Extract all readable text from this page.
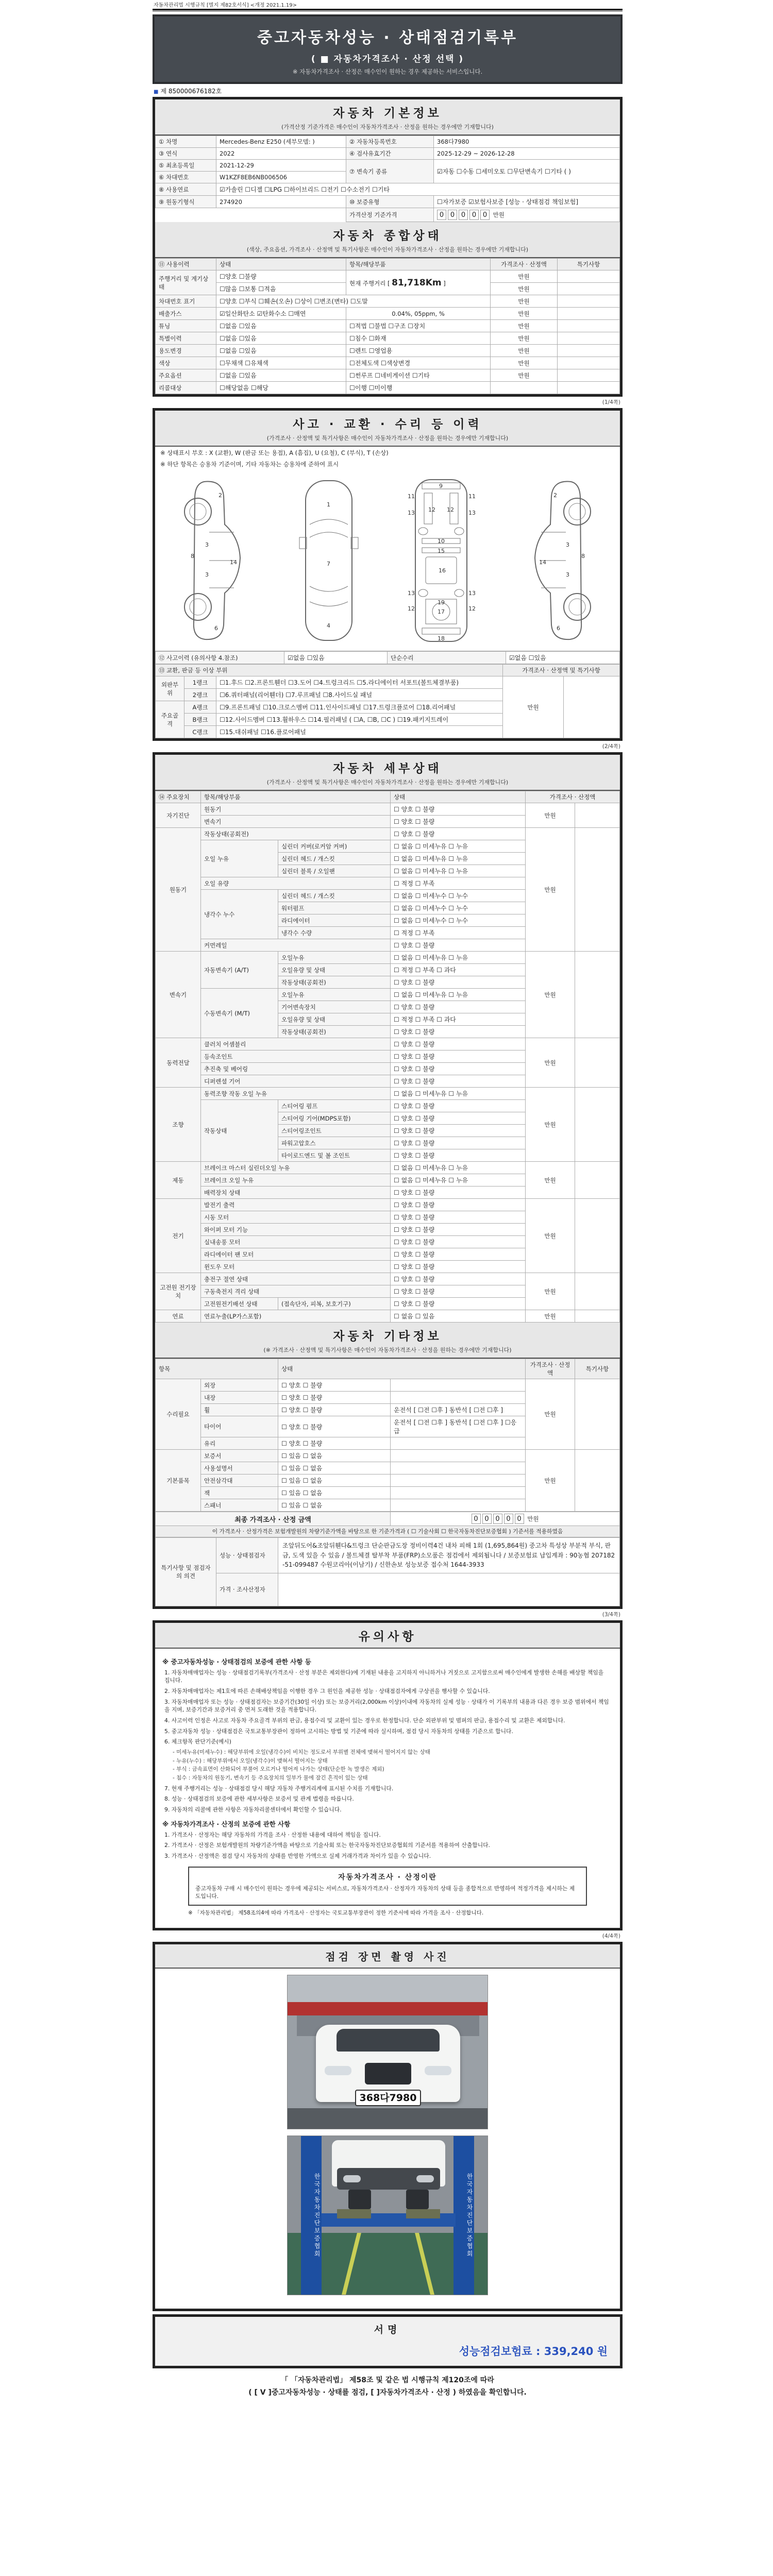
자동차관리법 시행규칙 [별지 제82호서식] <개정 2021.1.19>
중고자동차성능 · 상태점검기록부
( ■ 자동차가격조사 · 산정 선택 )
※ 자동차가격조사 · 산정은 매수인이 원하는 경우 제공하는 서비스입니다.
■ 제 850000676182호
자동차 기본정보
(가격산정 기준가격은 매수인이 자동차가격조사 · 산정을 원하는 경우에만 기재합니다)
① 차명	Mercedes-Benz E250 (세부모델: )	② 자동차등록번호	368다7980
③ 연식	2022	④ 검사유효기간	2025-12-29 ~ 2026-12-28
⑤ 최초등록일	2021-12-29	⑦ 변속기 종류	☑자동 ☐수동 ☐세미오토 ☐무단변속기 ☐기타 ( )
⑥ 차대번호	W1KZF8EB6NB006506		
⑧ 사용연료	☑가솔린 ☐디젤 ☐LPG ☐하이브리드 ☐전기 ☐수소전기 ☐기타		
⑨ 원동기형식	274920	⑩ 보증유형	☐자가보증 ☑보험사보증 [성능 · 상태점검 책임보험]
		가격산정 기준가격	0 0 0 0 0 만원
자동차 종합상태
(색상, 주요옵션, 가격조사 · 산정액 및 특기사항은 매수인이 자동차가격조사 · 산정을 원하는 경우에만 기재합니다)
⑪ 사용이력	상태	항목/해당부품	가격조사 · 산정액	특기사항
주행거리 및 계기상태	☐양호 ☐불량	현재 주행거리 [ 81,718Km ]	만원	
	☐많음 ☐보통 ☐적음		만원	
차대번호 표기	☐양호 ☐부식 ☐훼손(오손) ☐상이 ☐변조(변타) ☐도말		만원	
배출가스	☑일산화탄소 ☑탄화수소 ☐매연	0.04%, 05ppm, %	만원	
튜닝	☐없음 ☐있음	☐적법 ☐불법 ☐구조 ☐장치	만원	
특별이력	☐없음 ☐있음	☐침수 ☐화재	만원	
용도변경	☐없음 ☐있음	☐렌트 ☐영업용	만원	
색상	☐무채색 ☐유채색	☐전체도색 ☐색상변경	만원	
주요옵션	☐없음 ☐있음	☐썬루프 ☐네비게이션 ☐기타	만원	
리콜대상	☐해당없음 ☐해당	☐이행 ☐미이행		
(1/4쪽)
사고 · 교환 · 수리 등 이력
(가격조사 · 산정액 및 특기사항은 매수인이 자동차가격조사 · 산정을 원하는 경우에만 기재합니다)
※ 상태표시 부호 : X (교환), W (판금 또는 용접), A (흠집), U (요철), C (부식), T (손상)
※ 하단 항목은 승용차 기준이며, 기타 자동차는 승용차에 준하여 표시
2
3
3
8
14
6
1
7
4
11	11
13	13
12 12
9
10
15
16
13	13
12	12
17
18
19
2
3
3
8
14
6
⑫ 사고이력 (유의사항 4.참조)	☑없음 ☐있음	단순수리	☑없음 ☐있음
⑬ 교환, 판금 등 이상 부위			가격조사 · 산정액 및 특기사항	
외판부위	1랭크	☐1.후드 ☐2.프론트휀더 ☐3.도어 ☐4.트렁크리드 ☐5.라디에이터 서포트(볼트체결부품)	만원	
	2랭크	☐6.쿼터패널(리어휀더) ☐7.루프패널 ☐8.사이드실 패널		
주요골격	A랭크	☐9.프론트패널 ☐10.크로스멤버 ☐11.인사이드패널 ☐17.트렁크플로어 ☐18.리어패널		
	B랭크	☐12.사이드멤버 ☐13.휠하우스 ☐14.필러패널 ( ☐A, ☐B, ☐C ) ☐19.패키지트레이		
	C랭크	☐15.대쉬패널 ☐16.플로어패널		
(2/4쪽)
자동차 세부상태
(가격조사 · 산정액 및 특기사항은 매수인이 자동차가격조사 · 산정을 원하는 경우에만 기재합니다)
⑭ 주요장치	항목/해당부품		상태	가격조사 · 산정액	
자기진단	원동기		☐ 양호 ☐ 불량	만원	
	변속기		☐ 양호 ☐ 불량		
원동기	작동상태(공회전)		☐ 양호 ☐ 불량	만원	
	오일 누유	실린더 커버(로커암 커버)	☐ 없음 ☐ 미세누유 ☐ 누유		
		실린더 헤드 / 개스킷	☐ 없음 ☐ 미세누유 ☐ 누유		
		실린더 블록 / 오일팬	☐ 없음 ☐ 미세누유 ☐ 누유		
	오일 유량		☐ 적정 ☐ 부족		
	냉각수 누수	실린더 헤드 / 개스킷	☐ 없음 ☐ 미세누수 ☐ 누수		
		워터펌프	☐ 없음 ☐ 미세누수 ☐ 누수		
		라디에이터	☐ 없음 ☐ 미세누수 ☐ 누수		
		냉각수 수량	☐ 적정 ☐ 부족		
	커먼레일		☐ 양호 ☐ 불량		
변속기	자동변속기 (A/T)	오일누유	☐ 없음 ☐ 미세누유 ☐ 누유	만원	
		오일유량 및 상태	☐ 적정 ☐ 부족 ☐ 과다		
		작동상태(공회전)	☐ 양호 ☐ 불량		
	수동변속기 (M/T)	오일누유	☐ 없음 ☐ 미세누유 ☐ 누유		
		기어변속장치	☐ 양호 ☐ 불량		
		오일유량 및 상태	☐ 적정 ☐ 부족 ☐ 과다		
		작동상태(공회전)	☐ 양호 ☐ 불량		
동력전달	클러치 어셈블리		☐ 양호 ☐ 불량	만원	
	등속조인트		☐ 양호 ☐ 불량		
	추진축 및 베어링		☐ 양호 ☐ 불량		
	디퍼렌셜 기어		☐ 양호 ☐ 불량		
조향	동력조향 작동 오일 누유		☐ 없음 ☐ 미세누유 ☐ 누유	만원	
	작동상태	스티어링 펌프	☐ 양호 ☐ 불량		
		스티어링 기어(MDPS포함)	☐ 양호 ☐ 불량		
		스티어링조인트	☐ 양호 ☐ 불량		
		파워고압호스	☐ 양호 ☐ 불량		
		타이로드엔드 및 볼 조인트	☐ 양호 ☐ 불량		
제동	브레이크 마스터 실린더오일 누유		☐ 없음 ☐ 미세누유 ☐ 누유	만원	
	브레이크 오일 누유		☐ 없음 ☐ 미세누유 ☐ 누유		
	배력장치 상태		☐ 양호 ☐ 불량		
전기	발전기 출력		☐ 양호 ☐ 불량	만원	
	시동 모터		☐ 양호 ☐ 불량		
	와이퍼 모터 기능		☐ 양호 ☐ 불량		
	실내송풍 모터		☐ 양호 ☐ 불량		
	라디에이터 팬 모터		☐ 양호 ☐ 불량		
	윈도우 모터		☐ 양호 ☐ 불량		
고전원 전기장치	충전구 절연 상태		☐ 양호 ☐ 불량	만원	
	구동축전지 격리 상태		☐ 양호 ☐ 불량		
	고전원전기배선 상태	(접속단자, 피복, 보호기구)	☐ 양호 ☐ 불량		
연료	연료누출(LP가스포함)		☐ 없음 ☐ 있음	만원	
자동차 기타정보
(※ 가격조사 · 산정액 및 특기사항은 매수인이 자동차가격조사 · 산정을 원하는 경우에만 기재합니다)
항목		상태		가격조사 · 산정액	특기사항
수리필요	외장	☐ 양호 ☐ 불량		만원	
	내장	☐ 양호 ☐ 불량			
	휠	☐ 양호 ☐ 불량	운전석 [ ☐전 ☐후 ] 동반석 [ ☐전 ☐후 ]		
	타이어	☐ 양호 ☐ 불량	운전석 [ ☐전 ☐후 ] 동반석 [ ☐전 ☐후 ] ☐응급		
	유리	☐ 양호 ☐ 불량			
기본품목	보증서	☐ 있음 ☐ 없음		만원	
	사용설명서	☐ 있음 ☐ 없음			
	안전삼각대	☐ 있음 ☐ 없음			
	잭	☐ 있음 ☐ 없음			
	스패너	☐ 있음 ☐ 없음			
최종 가격조사 · 산정 금액	0 0 0 0 0 만원
이 가격조사 · 산정가격은 보험개발원의 차량기준가액을 바탕으로 한 기준가격과 ( ☐ 기술사회 ☐ 한국자동차진단보증협회 ) 기준서를 적용하였음
특기사항 및 점검자의 의견	성능 · 상태점검자	조앞뒤도어&조앞뒤휀다&트렁크 단순판금도장 정비이력4건 내차 피해 1회 (1,695,864원) 중고차 특성상 부분적 부식, 판금, 도색 있을 수 있음 / 볼트체결 탈부착 부품(FRP)소모품은 점검에서 제외됩니다 / 보증보험료 납입계좌 : 90농협 207182-51-099487 수원코리아(이남기) / 신한손보 성능보증 접수처 1644-3933
	가격 · 조사산정자	
(3/4쪽)
유의사항
※ 중고자동차성능 · 상태점검의 보증에 관한 사항 등
1. 자동차매매업자는 성능 · 상태점검기록부(가격조사 · 산정 부분은 제외한다)에 기재된 내용을 고지하지 아니하거나 거짓으로 고지함으로써 매수인에게 발생한 손해를 배상할 책임을 집니다.
2. 자동차매매업자는 제1호에 따른 손해배상책임을 이행한 경우 그 원인을 제공한 성능 · 상태점검자에게 구상권을 행사할 수 있습니다.
3. 자동차매매업자 또는 성능 · 상태점검자는 보증기간(30일 이상) 또는 보증거리(2,000km 이상)이내에 자동차의 실제 성능 · 상태가 이 기록부의 내용과 다른 경우 보증 범위에서 책임을 지며, 보증기간과 보증거리 중 먼저 도래한 것을 적용합니다.
4. 사고이력 인정은 사고로 자동차 주요골격 부위의 판금, 용접수리 및 교환이 있는 경우로 한정합니다. 단순 외판부위 및 범퍼의 판금, 용접수리 및 교환은 제외합니다.
5. 중고자동차 성능 · 상태점검은 국토교통부장관이 정하여 고시하는 방법 및 기준에 따라 실시하며, 점검 당시 자동차의 상태를 기준으로 합니다.
6. 체크항목 판단기준(예시)
- 미세누유(미세누수) : 해당부위에 오일(냉각수)이 비치는 정도로서 부위별 전체에 맺혀서 떨어지지 않는 상태
- 누유(누수) : 해당부위에서 오일(냉각수)이 맺혀서 떨어지는 상태
- 부식 : 금속표면이 산화되어 부풀어 오르거나 떨어져 나가는 상태(단순한 녹 발생은 제외)
- 침수 : 자동차의 원동기, 변속기 등 주요장치의 일부가 물에 잠긴 흔적이 있는 상태
7. 현재 주행거리는 성능 · 상태점검 당시 해당 자동차 주행거리계에 표시된 수치를 기재합니다.
8. 성능 · 상태점검의 보증에 관한 세부사항은 보증서 및 관계 법령을 따릅니다.
9. 자동차의 리콜에 관한 사항은 자동차리콜센터에서 확인할 수 있습니다.
※ 자동차가격조사 · 산정의 보증에 관한 사항
1. 가격조사 · 산정자는 해당 자동차의 가격을 조사 · 산정한 내용에 대하여 책임을 집니다.
2. 가격조사 · 산정은 보험개발원의 차량기준가액을 바탕으로 기술사회 또는 한국자동차진단보증협회의 기준서를 적용하여 산출합니다.
3. 가격조사 · 산정액은 점검 당시 자동차의 상태를 반영한 가액으로 실제 거래가격과 차이가 있을 수 있습니다.
자동차가격조사 · 산정이란
중고자동차 구매 시 매수인이 원하는 경우에 제공되는 서비스로, 자동차가격조사 · 산정자가 자동차의 상태 등을 종합적으로 반영하여 적정가격을 제시하는 제도입니다.
※ 「자동차관리법」 제58조의4에 따라 가격조사 · 산정자는 국토교통부장관이 정한 기준서에 따라 가격을 조사 · 산정합니다.
(4/4쪽)
점검 장면 촬영 사진
368다7980
한국자동차진단보증협회	한국자동차진단보증협회
서명
성능점검보험료 : 339,240 원
「 「자동차관리법」 제58조 및 같은 법 시행규칙 제120조에 따라
( [ V ]중고자동차성능 · 상태를 점검, [ ]자동차가격조사 · 산정 ) 하였음을 확인합니다.
